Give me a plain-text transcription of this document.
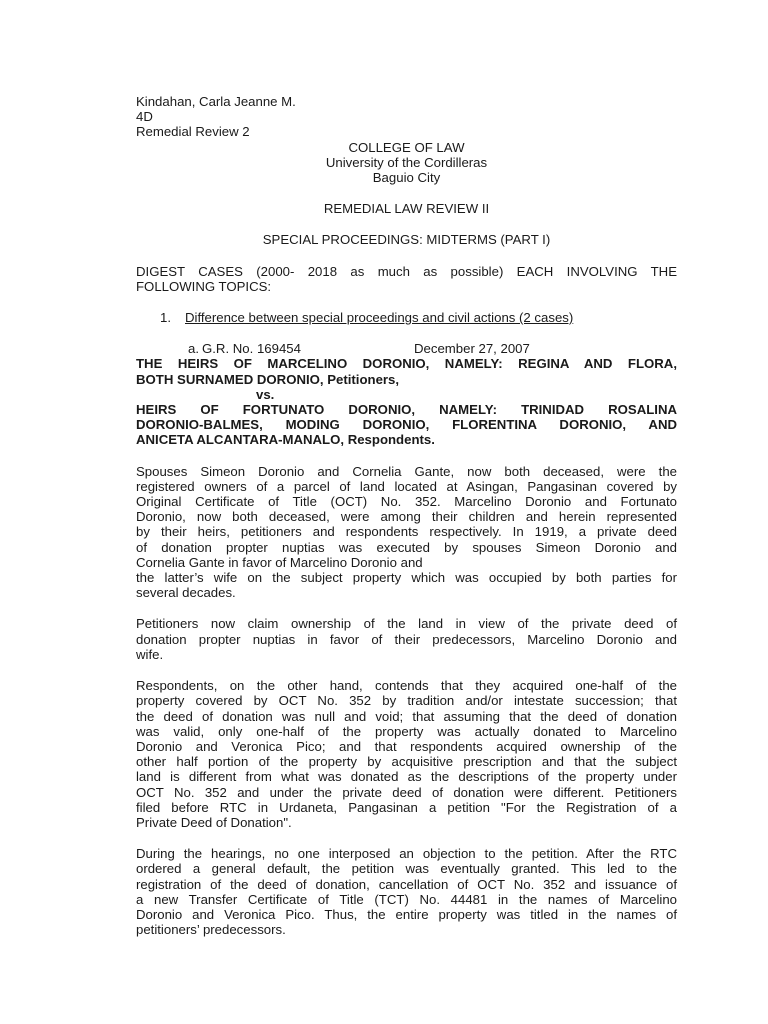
Kindahan, Carla Jeanne M.
4D
Remedial Review 2
COLLEGE OF LAW
University of the Cordilleras
Baguio City
REMEDIAL LAW REVIEW II
SPECIAL PROCEEDINGS: MIDTERMS (PART I)
DIGEST CASES (2000- 2018 as much as possible) EACH INVOLVING THE
FOLLOWING TOPICS:
1.	Difference between special proceedings and civil actions (2 cases)
a. G.R. No. 169454	December 27, 2007
THE HEIRS OF MARCELINO DORONIO, NAMELY: REGINA AND FLORA,
BOTH SURNAMED DORONIO, Petitioners,
vs.
HEIRS OF FORTUNATO DORONIO, NAMELY: TRINIDAD ROSALINA
DORONIO-BALMES, MODING DORONIO, FLORENTINA DORONIO, AND
ANICETA ALCANTARA-MANALO, Respondents.
Spouses Simeon Doronio and Cornelia Gante, now both deceased, were the
registered owners of a parcel of land located at Asingan, Pangasinan covered by
Original Certificate of Title (OCT) No. 352. Marcelino Doronio and Fortunato
Doronio, now both deceased, were among their children and herein represented
by their heirs, petitioners and respondents respectively. In 1919, a private deed
of donation propter nuptias was executed by spouses Simeon Doronio and
Cornelia Gante in favor of Marcelino Doronio and
the latter’s wife on the subject property which was occupied by both parties for
several decades.
Petitioners now claim ownership of the land in view of the private deed of
donation propter nuptias in favor of their predecessors, Marcelino Doronio and
wife.
Respondents, on the other hand, contends that they acquired one-half of the
property covered by OCT No. 352 by tradition and/or intestate succession; that
the deed of donation was null and void; that assuming that the deed of donation
was valid, only one-half of the property was actually donated to Marcelino
Doronio and Veronica Pico; and that respondents acquired ownership of the
other half portion of the property by acquisitive prescription and that the subject
land is different from what was donated as the descriptions of the property under
OCT No. 352 and under the private deed of donation were different. Petitioners
filed before RTC in Urdaneta, Pangasinan a petition "For the Registration of a
Private Deed of Donation".
During the hearings, no one interposed an objection to the petition. After the RTC
ordered a general default, the petition was eventually granted. This led to the
registration of the deed of donation, cancellation of OCT No. 352 and issuance of
a new Transfer Certificate of Title (TCT) No. 44481 in the names of Marcelino
Doronio and Veronica Pico. Thus, the entire property was titled in the names of
petitioners’ predecessors.
